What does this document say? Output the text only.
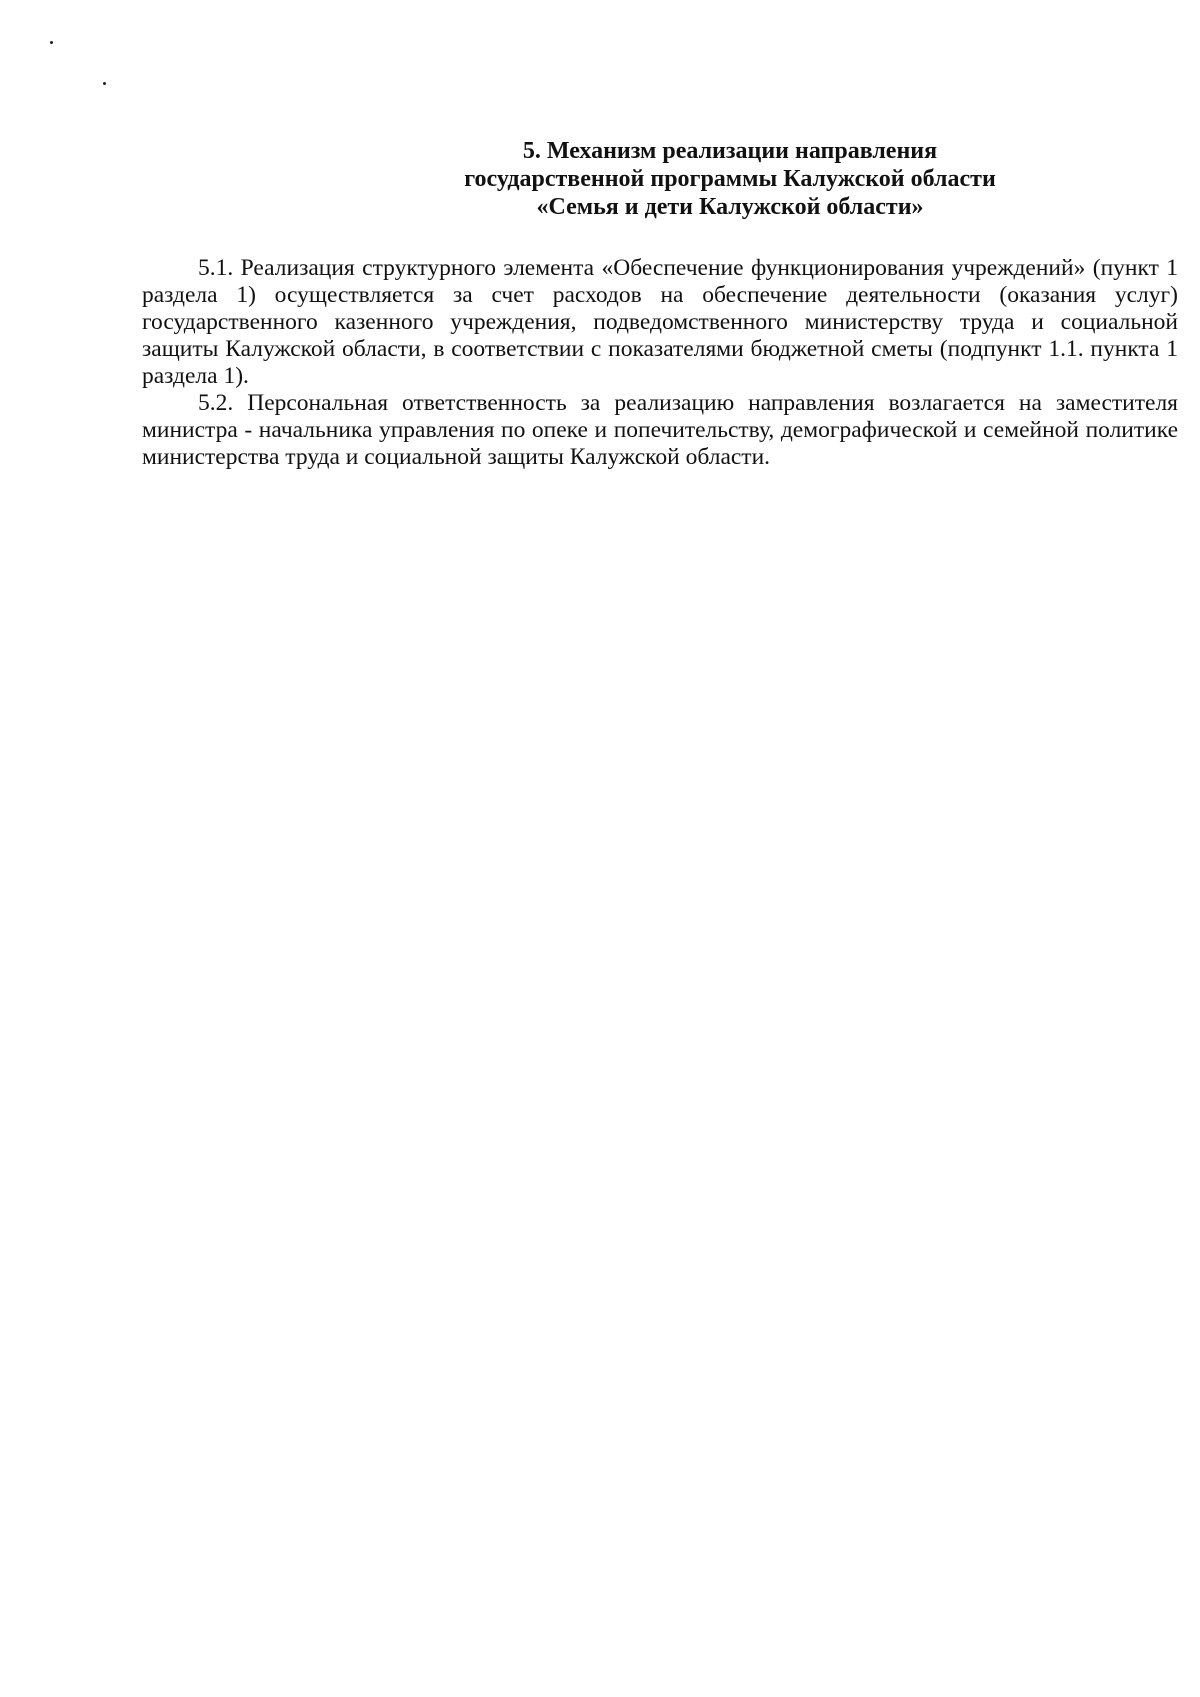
5. Механизм реализации направления
государственной программы Калужской области
«Семья и дети Калужской области»

5.1. Реализация структурного элемента «Обеспечение функционирования учреждений» (пункт 1 раздела 1) осуществляется за счет расходов на обеспечение деятельности (оказания услуг) государственного казенного учреждения, подведомственного министерству труда и социальной защиты Калужской области, в соответствии с показателями бюджетной сметы (подпункт 1.1. пункта 1 раздела 1).

5.2. Персональная ответственность за реализацию направления возлагается на заместителя министра - начальника управления по опеке и попечительству, демографической и семейной политике министерства труда и социальной защиты Калужской области.
